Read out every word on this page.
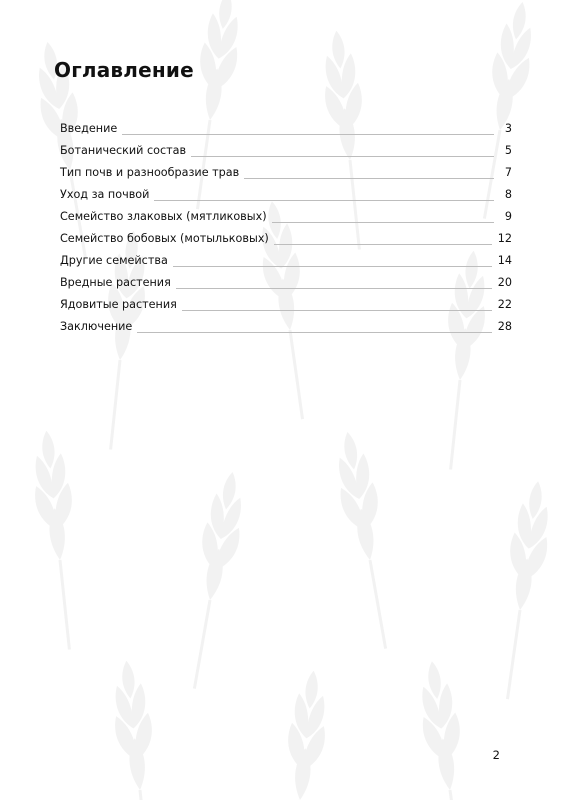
Оглавление
Введение	3
Ботанический состав	5
Тип почв и разнообразие трав	7
Уход за почвой	8
Семейство злаковых (мятликовых)	9
Семейство бобовых (мотыльковых)	12
Другие семейства	14
Вредные растения	20
Ядовитые растения	22
Заключение	28
2
